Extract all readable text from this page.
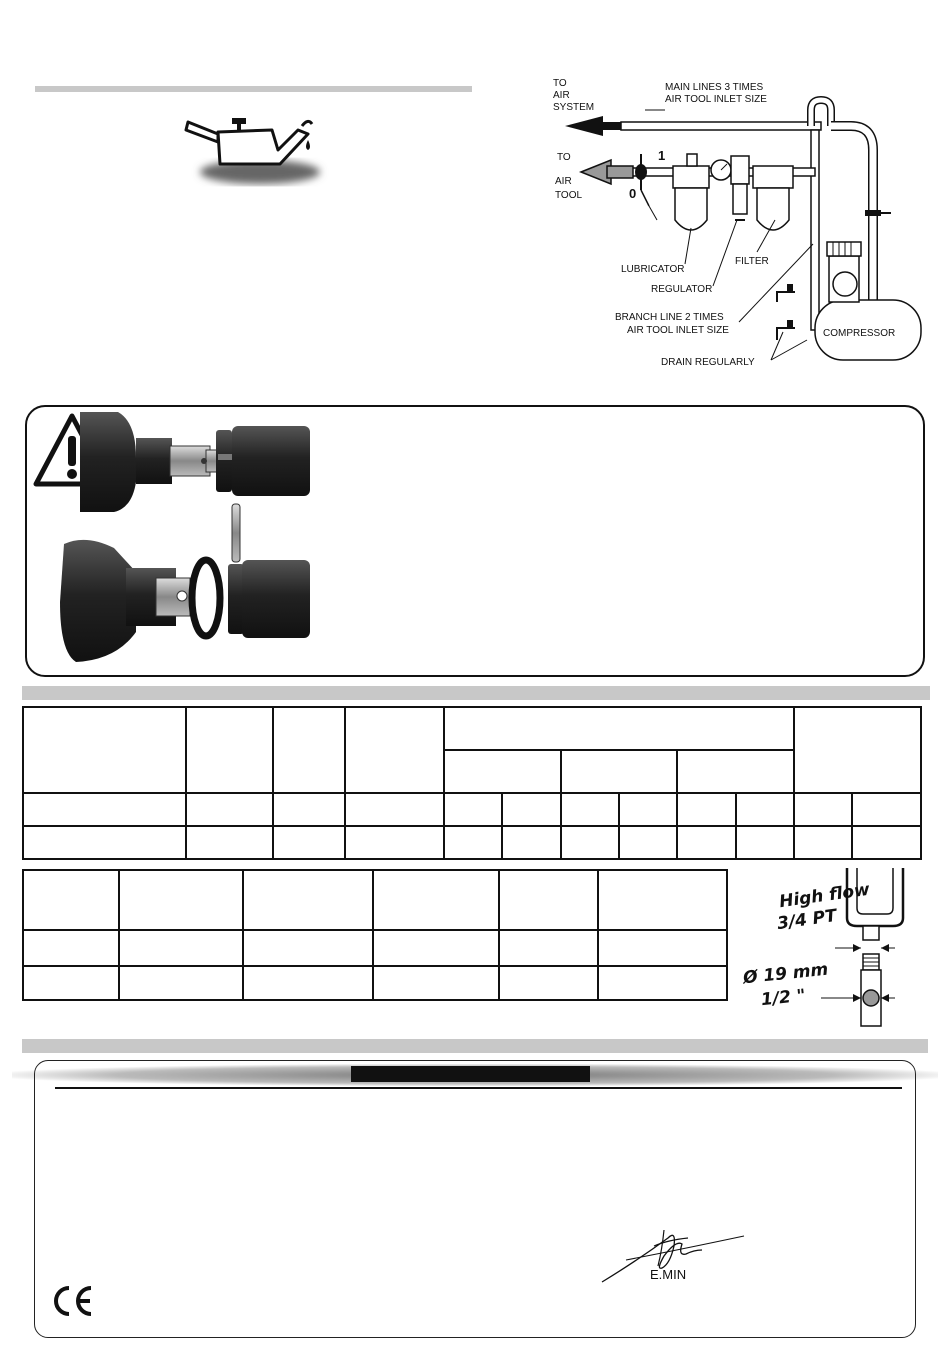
TO
AIR
SYSTEM
MAIN LINES 3 TIMES
AIR TOOL INLET SIZE
TO
AIR
TOOL
1
0
LUBRICATOR
REGULATOR
FILTER
BRANCH LINE 2 TIMES
AIR TOOL INLET SIZE	COMPRESSOR
DRAIN REGULARLY

High flow
3/4 PT
Ø 19 mm
1/2 "
E.MIN
